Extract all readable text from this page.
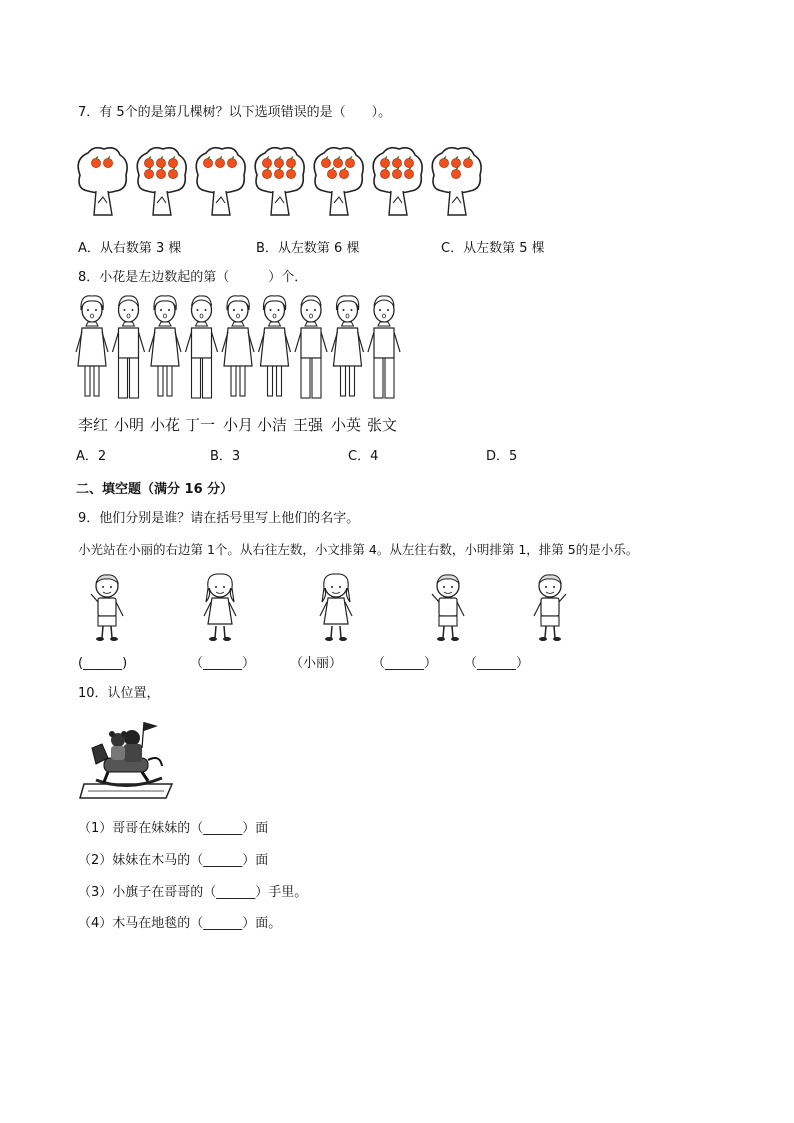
7．有 5个的是第几棵树？以下选项错误的是（　　）。
A．从右数第 3 棵	B．从左数第 6 棵	C．从左数第 5 棵
8．小花是左边数起的第（　　　）个．
李红 小明 小花 丁一 小月 小洁 王强 小英 张文
A．2	B．3	C．4	D．5
二、填空题（满分 16 分）
9．他们分别是谁？请在括号里写上他们的名字。
小光站在小丽的右边第 1个。从右往左数，小文排第 4。从左往右数，小明排第 1，排第 5的是小乐。
(______)	（______）	（小丽） （______） （______）
10．认位置，
（1）哥哥在妹妹的（______）面
（2）妹妹在木马的（______）面
（3）小旗子在哥哥的（______）手里。
（4）木马在地毯的（______）面。
